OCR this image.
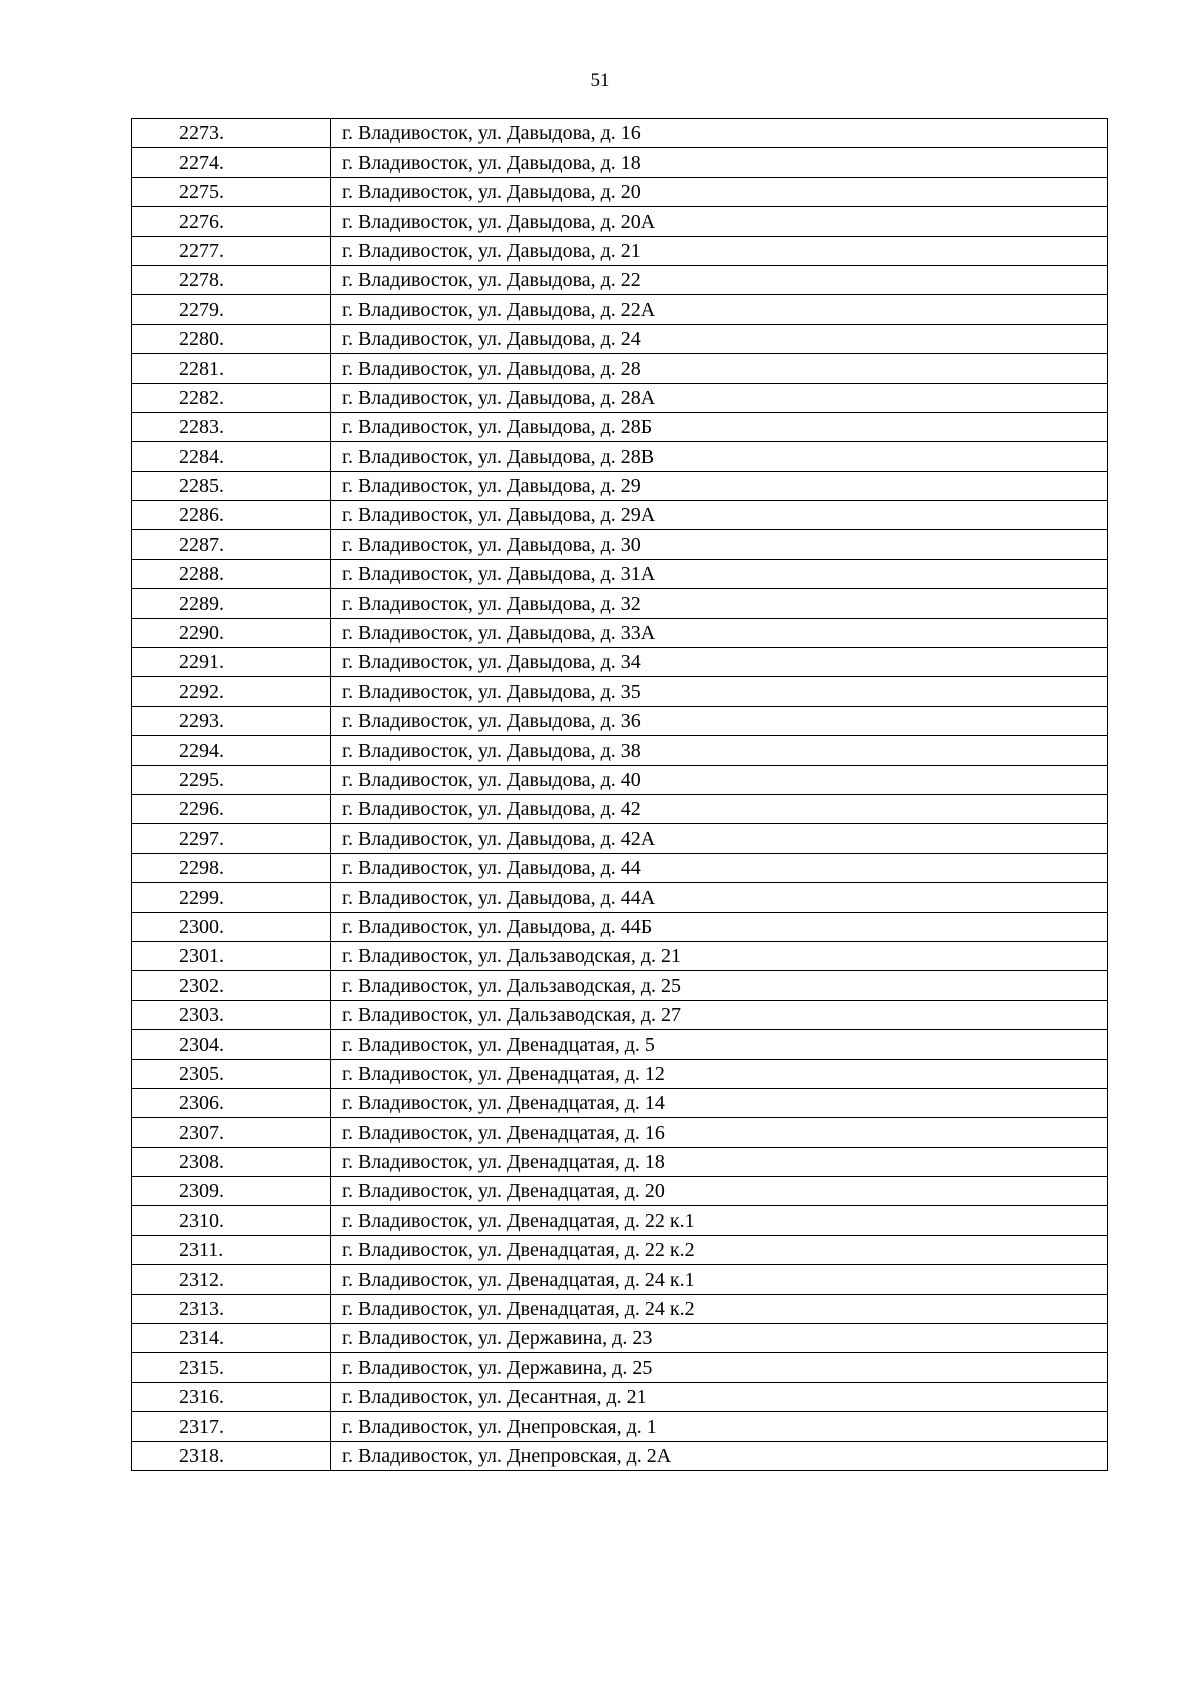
51
2273.	г. Владивосток, ул. Давыдова, д. 16
2274.	г. Владивосток, ул. Давыдова, д. 18
2275.	г. Владивосток, ул. Давыдова, д. 20
2276.	г. Владивосток, ул. Давыдова, д. 20А
2277.	г. Владивосток, ул. Давыдова, д. 21
2278.	г. Владивосток, ул. Давыдова, д. 22
2279.	г. Владивосток, ул. Давыдова, д. 22А
2280.	г. Владивосток, ул. Давыдова, д. 24
2281.	г. Владивосток, ул. Давыдова, д. 28
2282.	г. Владивосток, ул. Давыдова, д. 28А
2283.	г. Владивосток, ул. Давыдова, д. 28Б
2284.	г. Владивосток, ул. Давыдова, д. 28В
2285.	г. Владивосток, ул. Давыдова, д. 29
2286.	г. Владивосток, ул. Давыдова, д. 29А
2287.	г. Владивосток, ул. Давыдова, д. 30
2288.	г. Владивосток, ул. Давыдова, д. 31А
2289.	г. Владивосток, ул. Давыдова, д. 32
2290.	г. Владивосток, ул. Давыдова, д. 33А
2291.	г. Владивосток, ул. Давыдова, д. 34
2292.	г. Владивосток, ул. Давыдова, д. 35
2293.	г. Владивосток, ул. Давыдова, д. 36
2294.	г. Владивосток, ул. Давыдова, д. 38
2295.	г. Владивосток, ул. Давыдова, д. 40
2296.	г. Владивосток, ул. Давыдова, д. 42
2297.	г. Владивосток, ул. Давыдова, д. 42А
2298.	г. Владивосток, ул. Давыдова, д. 44
2299.	г. Владивосток, ул. Давыдова, д. 44А
2300.	г. Владивосток, ул. Давыдова, д. 44Б
2301.	г. Владивосток, ул. Дальзаводская, д. 21
2302.	г. Владивосток, ул. Дальзаводская, д. 25
2303.	г. Владивосток, ул. Дальзаводская, д. 27
2304.	г. Владивосток, ул. Двенадцатая, д. 5
2305.	г. Владивосток, ул. Двенадцатая, д. 12
2306.	г. Владивосток, ул. Двенадцатая, д. 14
2307.	г. Владивосток, ул. Двенадцатая, д. 16
2308.	г. Владивосток, ул. Двенадцатая, д. 18
2309.	г. Владивосток, ул. Двенадцатая, д. 20
2310.	г. Владивосток, ул. Двенадцатая, д. 22 к.1
2311.	г. Владивосток, ул. Двенадцатая, д. 22 к.2
2312.	г. Владивосток, ул. Двенадцатая, д. 24 к.1
2313.	г. Владивосток, ул. Двенадцатая, д. 24 к.2
2314.	г. Владивосток, ул. Державина, д. 23
2315.	г. Владивосток, ул. Державина, д. 25
2316.	г. Владивосток, ул. Десантная, д. 21
2317.	г. Владивосток, ул. Днепровская, д. 1
2318.	г. Владивосток, ул. Днепровская, д. 2А
